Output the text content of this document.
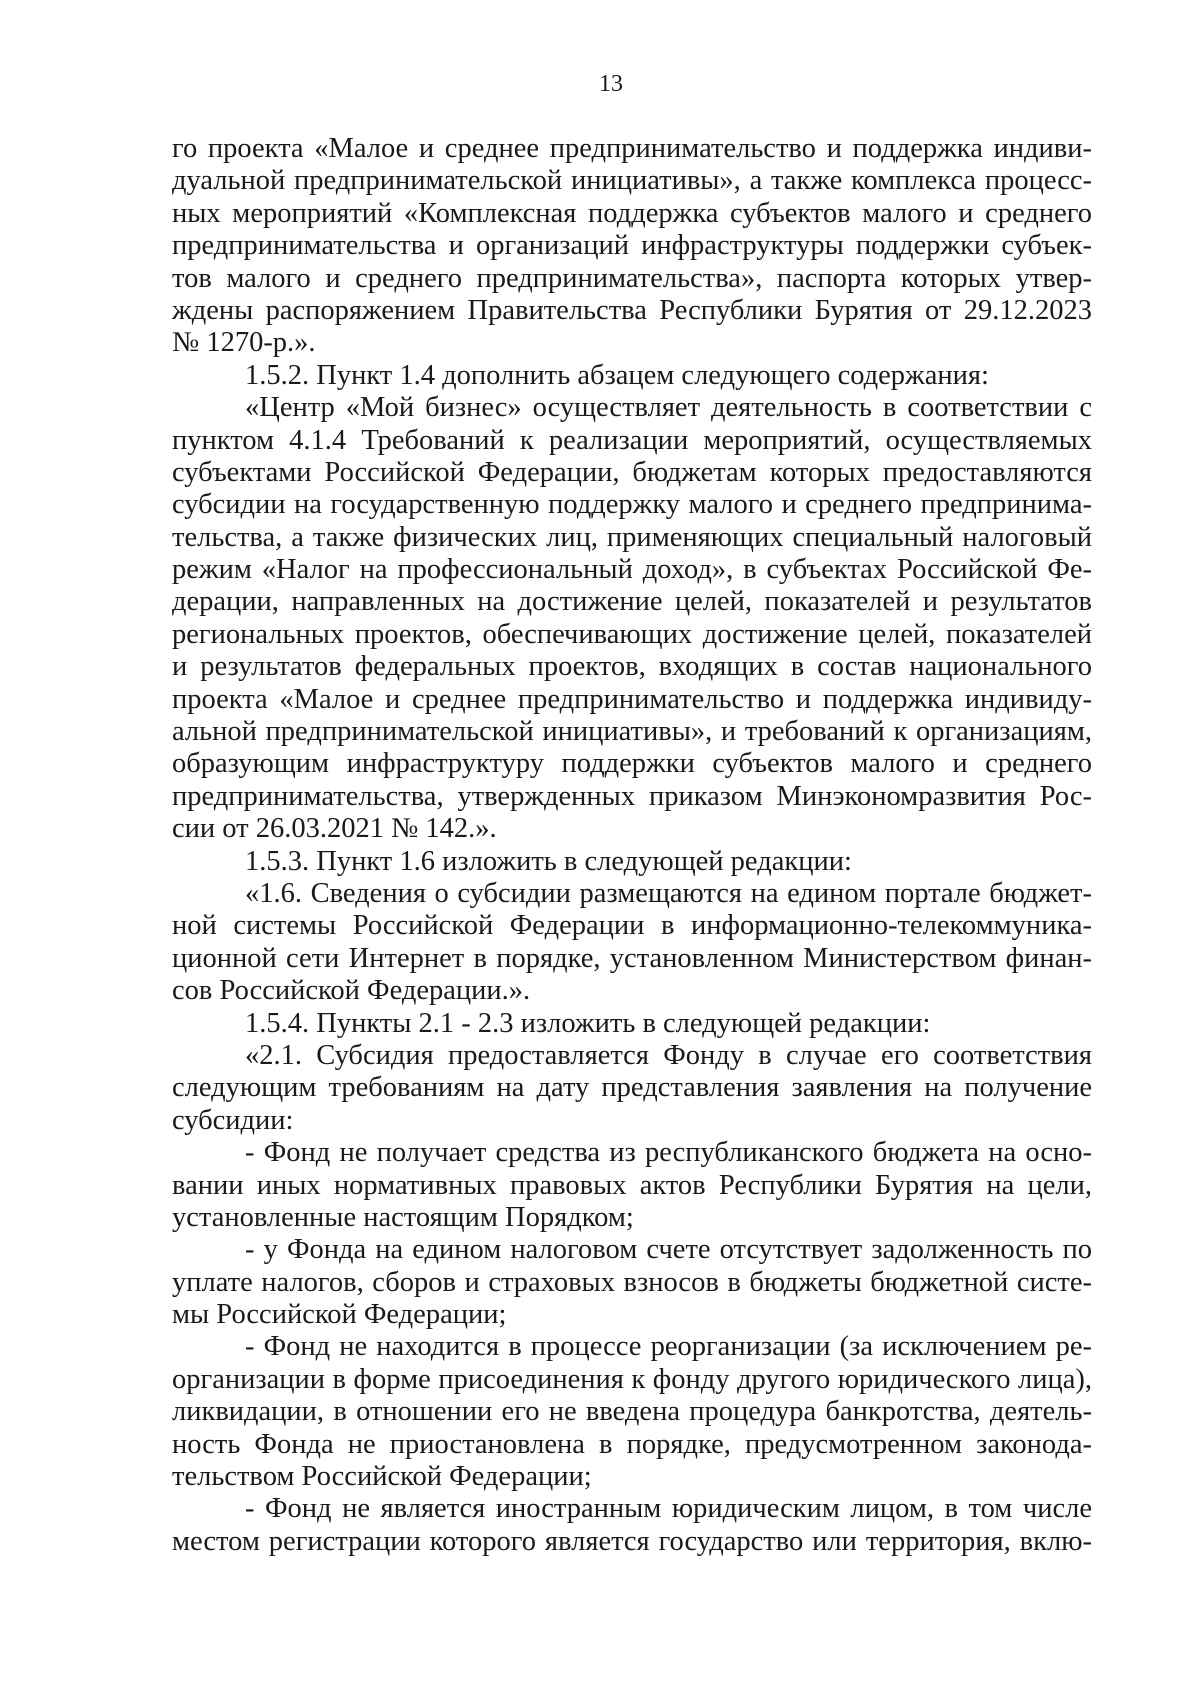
13
го проекта «Малое и среднее предпринимательство и поддержка индиви-
дуальной предпринимательской инициативы», а также комплекса процесс-
ных мероприятий «Комплексная поддержка субъектов малого и среднего
предпринимательства и организаций инфраструктуры поддержки субъек-
тов малого и среднего предпринимательства», паспорта которых утвер-
ждены распоряжением Правительства Республики Бурятия от 29.12.2023
№ 1270-р.».
1.5.2. Пункт 1.4 дополнить абзацем следующего содержания:
«Центр «Мой бизнес» осуществляет деятельность в соответствии с
пунктом 4.1.4 Требований к реализации мероприятий, осуществляемых
субъектами Российской Федерации, бюджетам которых предоставляются
субсидии на государственную поддержку малого и среднего предпринима-
тельства, а также физических лиц, применяющих специальный налоговый
режим «Налог на профессиональный доход», в субъектах Российской Фе-
дерации, направленных на достижение целей, показателей и результатов
региональных проектов, обеспечивающих достижение целей, показателей
и результатов федеральных проектов, входящих в состав национального
проекта «Малое и среднее предпринимательство и поддержка индивиду-
альной предпринимательской инициативы», и требований к организациям,
образующим инфраструктуру поддержки субъектов малого и среднего
предпринимательства, утвержденных приказом Минэкономразвития Рос-
сии от 26.03.2021 № 142.».
1.5.3. Пункт 1.6 изложить в следующей редакции:
«1.6. Сведения о субсидии размещаются на едином портале бюджет-
ной системы Российской Федерации в информационно-телекоммуника-
ционной сети Интернет в порядке, установленном Министерством финан-
сов Российской Федерации.».
1.5.4. Пункты 2.1 - 2.3 изложить в следующей редакции:
«2.1. Субсидия предоставляется Фонду в случае его соответствия
следующим требованиям на дату представления заявления на получение
субсидии:
- Фонд не получает средства из республиканского бюджета на осно-
вании иных нормативных правовых актов Республики Бурятия на цели,
установленные настоящим Порядком;
- у Фонда на едином налоговом счете отсутствует задолженность по
уплате налогов, сборов и страховых взносов в бюджеты бюджетной систе-
мы Российской Федерации;
- Фонд не находится в процессе реорганизации (за исключением ре-
организации в форме присоединения к фонду другого юридического лица),
ликвидации, в отношении его не введена процедура банкротства, деятель-
ность Фонда не приостановлена в порядке, предусмотренном законода-
тельством Российской Федерации;
- Фонд не является иностранным юридическим лицом, в том числе
местом регистрации которого является государство или территория, вклю-
